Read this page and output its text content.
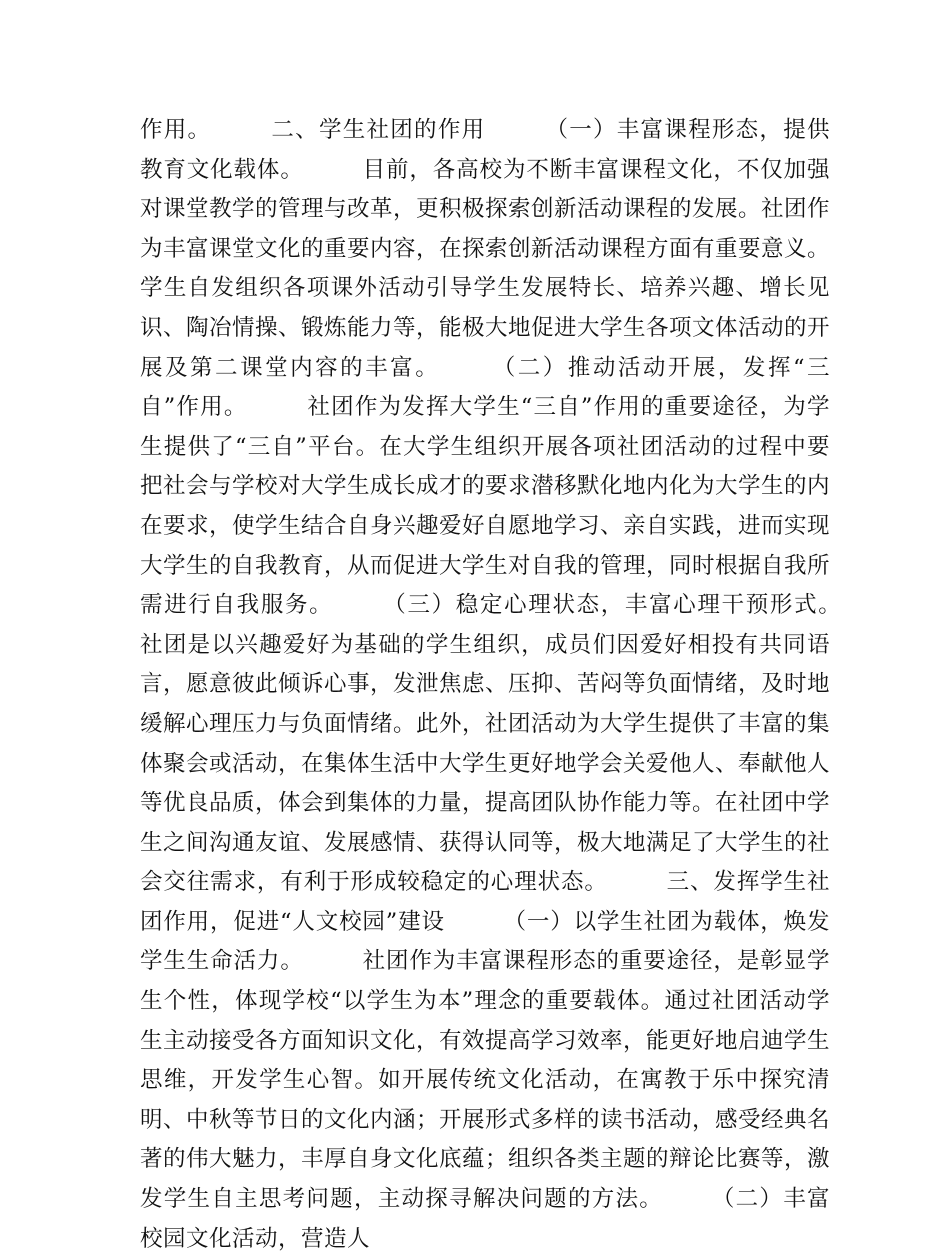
作用。　　　二、学生社团的作用　　　（一）丰富课程形态，提供教育文化载体。　　　目前，各高校为不断丰富课程文化，不仅加强对课堂教学的管理与改革，更积极探索创新活动课程的发展。社团作为丰富课堂文化的重要内容，在探索创新活动课程方面有重要意义。学生自发组织各项课外活动引导学生发展特长、培养兴趣、增长见识、陶冶情操、锻炼能力等，能极大地促进大学生各项文体活动的开展及第二课堂内容的丰富。　　　（二）推动活动开展，发挥“三自”作用。　　　社团作为发挥大学生“三自”作用的重要途径，为学生提供了“三自”平台。在大学生组织开展各项社团活动的过程中要把社会与学校对大学生成长成才的要求潜移默化地内化为大学生的内在要求，使学生结合自身兴趣爱好自愿地学习、亲自实践，进而实现大学生的自我教育，从而促进大学生对自我的管理，同时根据自我所需进行自我服务。　　　（三）稳定心理状态，丰富心理干预形式。　　　社团是以兴趣爱好为基础的学生组织，成员们因爱好相投有共同语言，愿意彼此倾诉心事，发泄焦虑、压抑、苦闷等负面情绪，及时地缓解心理压力与负面情绪。此外，社团活动为大学生提供了丰富的集体聚会或活动，在集体生活中大学生更好地学会关爱他人、奉献他人等优良品质，体会到集体的力量，提高团队协作能力等。在社团中学生之间沟通友谊、发展感情、获得认同等，极大地满足了大学生的社会交往需求，有利于形成较稳定的心理状态。　　　三、发挥学生社团作用，促进“人文校园”建设　　　（一）以学生社团为载体，焕发学生生命活力。　　　社团作为丰富课程形态的重要途径，是彰显学生个性，体现学校“以学生为本”理念的重要载体。通过社团活动学生主动接受各方面知识文化，有效提高学习效率，能更好地启迪学生思维，开发学生心智。如开展传统文化活动，在寓教于乐中探究清明、中秋等节日的文化内涵；开展形式多样的读书活动，感受经典名著的伟大魅力，丰厚自身文化底蕴；组织各类主题的辩论比赛等，激发学生自主思考问题，主动探寻解决问题的方法。　　　（二）丰富校园文化活动，营造人
